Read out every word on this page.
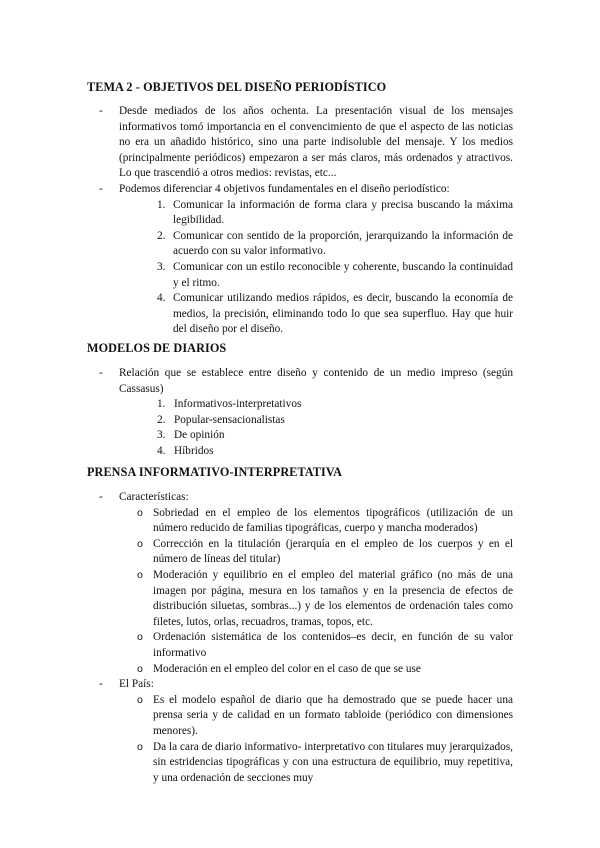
TEMA 2 - OBJETIVOS DEL DISEÑO PERIODÍSTICO
- Desde mediados de los años ochenta. La presentación visual de los mensajes informativos tomó importancia en el convencimiento de que el aspecto de las noticias no era un añadido histórico, sino una parte indisoluble del mensaje. Y los medios (principalmente periódicos) empezaron a ser más claros, más ordenados y atractivos. Lo que trascendió a otros medios: revistas, etc...
- Podemos diferenciar 4 objetivos fundamentales en el diseño periodístico:
1. Comunicar la información de forma clara y precisa buscando la máxima legibilidad.
2. Comunicar con sentido de la proporción, jerarquizando la información de acuerdo con su valor informativo.
3. Comunicar con un estilo reconocible y coherente, buscando la continuidad y el ritmo.
4. Comunicar utilizando medios rápidos, es decir, buscando la economía de medios, la precisión, eliminando todo lo que sea superfluo. Hay que huir del diseño por el diseño.
MODELOS DE DIARIOS
- Relación que se establece entre diseño y contenido de un medio impreso (según Cassasus)
1. Informativos-interpretativos
2. Popular-sensacionalistas
3. De opinión
4. Híbridos
PRENSA INFORMATIVO-INTERPRETATIVA
- Características:
o Sobriedad en el empleo de los elementos tipográficos (utilización de un número reducido de familias tipográficas, cuerpo y mancha moderados)
o Corrección en la titulación (jerarquía en el empleo de los cuerpos y en el número de líneas del titular)
o Moderación y equilibrio en el empleo del material gráfico (no más de una imagen por página, mesura en los tamaños y en la presencia de efectos de distribución siluetas, sombras...) y de los elementos de ordenación tales como filetes, lutos, orlas, recuadros, tramas, topos, etc.
o Ordenación sistemática de los contenidos–es decir, en función de su valor informativo
o Moderación en el empleo del color en el caso de que se use
- El País:
o Es el modelo español de diario que ha demostrado que se puede hacer una prensa seria y de calidad en un formato tabloide (periódico con dimensiones menores).
o Da la cara de diario informativo- interpretativo con titulares muy jerarquizados, sin estridencias tipográficas y con una estructura de equilibrio, muy repetitiva, y una ordenación de secciones muy
